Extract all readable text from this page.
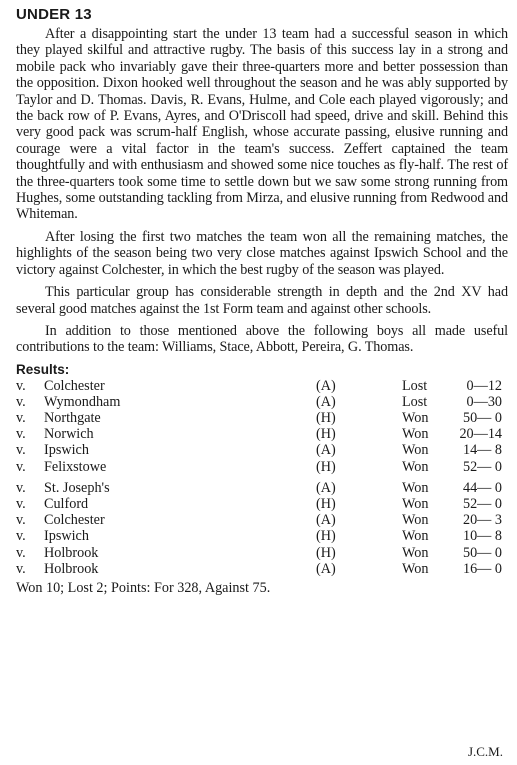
UNDER 13

After a disappointing start the under 13 team had a successful season in which they played skilful and attractive rugby. The basis of this success lay in a strong and mobile pack who invariably gave their three-quarters more and better possession than the opposition. Dixon hooked well throughout the season and he was ably supported by Taylor and D. Thomas. Davis, R. Evans, Hulme, and Cole each played vigorously; and the back row of P. Evans, Ayres, and O'Driscoll had speed, drive and skill. Behind this very good pack was scrum-half English, whose accurate passing, elusive running and courage were a vital factor in the team's success. Zeffert captained the team thoughtfully and with enthusiasm and showed some nice touches as fly-half. The rest of the three-quarters took some time to settle down but we saw some strong running from Hughes, some outstanding tackling from Mirza, and elusive running from Redwood and Whiteman.

After losing the first two matches the team won all the remaining matches, the highlights of the season being two very close matches against Ipswich School and the victory against Colchester, in which the best rugby of the season was played.

This particular group has considerable strength in depth and the 2nd XV had several good matches against the 1st Form team and against other schools.

In addition to those mentioned above the following boys all made useful contributions to the team: Williams, Stace, Abbott, Pereira, G. Thomas.

Results:
v. Colchester	(A)	Lost	0—12
v. Wymondham	(A)	Lost	0—30
v. Northgate	(H)	Won 50— 0
v. Norwich	(H)	Won 20—14
v. Ipswich	(A)	Won 14— 8
v. Felixstowe	(H)	Won 52— 0
v. St. Joseph's	(A)	Won 44— 0
v. Culford	(H)	Won 52— 0
v. Colchester	(A)	Won 20— 3
v. Ipswich	(H)	Won 10— 8
v. Holbrook	(H)	Won 50— 0
v. Holbrook	(A)	Won 16— 0
Won 10; Lost 2; Points: For 328, Against 75.
J.C.M.
